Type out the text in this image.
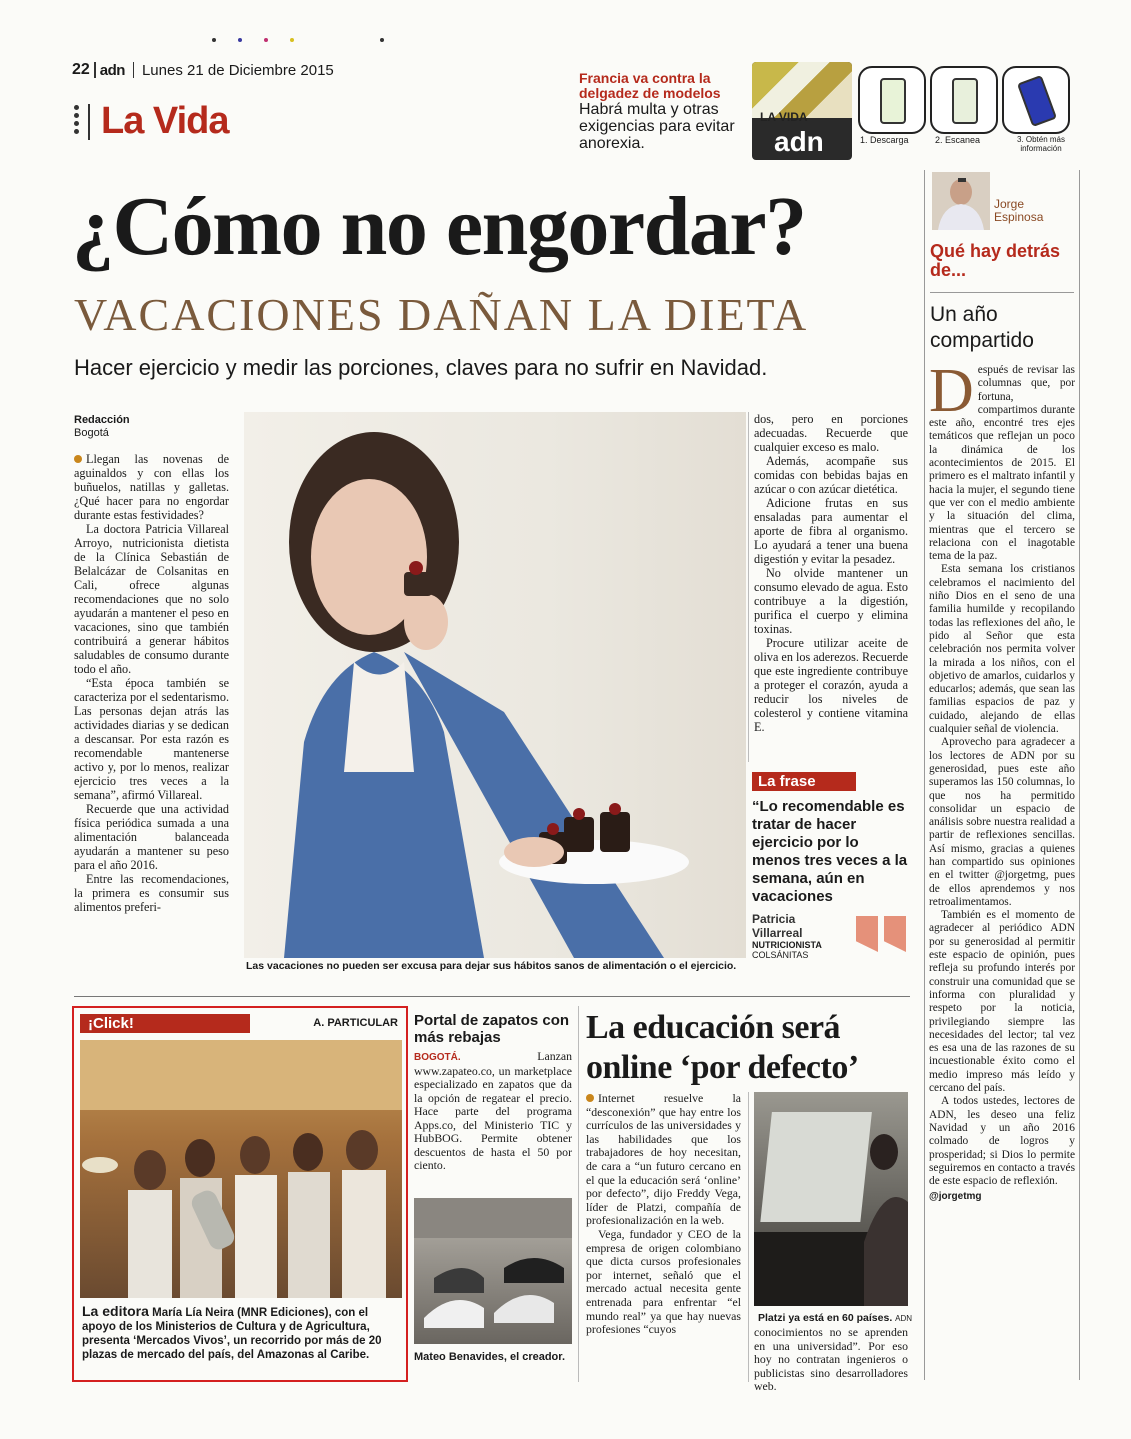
22 adn Lunes 21 de Diciembre 2015
La Vida
Francia va contra la delgadez de modelos
Habrá multa y otras exigencias para evitar anorexia.
LA VIDA
adn	1. Descarga	2. Escanea	3. Obtén más información
¿Cómo no engordar?
VACACIONES DAÑAN LA DIETA
Hacer ejercicio y medir las porciones, claves para no sufrir en Navidad.
Redacción
Bogotá

Llegan las novenas de aguinaldos y con ellas los buñuelos, natillas y galletas. ¿Qué hacer para no engordar durante estas festividades?

La doctora Patricia Villareal Arroyo, nutricionista dietista de la Clínica Sebastián de Belalcázar de Colsanitas en Cali, ofrece algunas recomendaciones que no solo ayudarán a mantener el peso en vacaciones, sino que también contribuirá a generar hábitos saludables de consumo durante todo el año.

“Esta época también se caracteriza por el sedentarismo. Las personas dejan atrás las actividades diarias y se dedican a descansar. Por esta razón es recomendable mantenerse activo y, por lo menos, realizar ejercicio tres veces a la semana”, afirmó Villareal.

Recuerde que una actividad física periódica sumada a una alimentación balanceada ayudarán a mantener su peso para el año 2016.

Entre las recomendaciones, la primera es consumir sus alimentos preferi-

Las vacaciones no pueden ser excusa para dejar sus hábitos sanos de alimentación o el ejercicio.

dos, pero en porciones adecuadas. Recuerde que cualquier exceso es malo.

Además, acompañe sus comidas con bebidas bajas en azúcar o con azúcar dietética.

Adicione frutas en sus ensaladas para aumentar el aporte de fibra al organismo. Lo ayudará a tener una buena digestión y evitar la pesadez.

No olvide mantener un consumo elevado de agua. Esto contribuye a la digestión, purifica el cuerpo y elimina toxinas.

Procure utilizar aceite de oliva en los aderezos. Recuerde que este ingrediente contribuye a proteger el corazón, ayuda a reducir los niveles de colesterol y contiene vitamina E.

La frase
“Lo recomendable es tratar de hacer ejercicio por lo menos tres veces a la semana, aún en vacaciones
Patricia Villarreal
NUTRICIONISTA
COLSÁNITAS
Jorge Espinosa
Qué hay detrás de...
Un año compartido

Después de revisar las columnas que, por fortuna, compartimos durante este año, encontré tres ejes temáticos que reflejan un poco la dinámica de los acontecimientos de 2015. El primero es el maltrato infantil y hacia la mujer, el segundo tiene que ver con el medio ambiente y la situación del clima, mientras que el tercero se relaciona con el inagotable tema de la paz.

Esta semana los cristianos celebramos el nacimiento del niño Dios en el seno de una familia humilde y recopilando todas las reflexiones del año, le pido al Señor que esta celebración nos permita volver la mirada a los niños, con el objetivo de amarlos, cuidarlos y educarlos; además, que sean las familias espacios de paz y cuidado, alejando de ellas cualquier señal de violencia.

Aprovecho para agradecer a los lectores de ADN por su generosidad, pues este año superamos las 150 columnas, lo que nos ha permitido consolidar un espacio de análisis sobre nuestra realidad a partir de reflexiones sencillas. Así mismo, gracias a quienes han compartido sus opiniones en el twitter @jorgetmg, pues de ellos aprendemos y nos retroalimentamos.

También es el momento de agradecer al periódico ADN por su generosidad al permitir este espacio de opinión, pues refleja su profundo interés por construir una comunidad que se informa con pluralidad y respeto por la noticia, privilegiando siempre las necesidades del lector; tal vez es esa una de las razones de su incuestionable éxito como el medio impreso más leído y cercano del país.

A todos ustedes, lectores de ADN, les deseo una feliz Navidad y un año 2016 colmado de logros y prosperidad; si Dios lo permite seguiremos en contacto a través de este espacio de reflexión.

@jorgetmg

¡Click!	A. PARTICULAR
La editora María Lía Neira (MNR Ediciones), con el apoyo de los Ministerios de Cultura y de Agricultura, presenta ‘Mercados Vivos’, un recorrido por más de 20 plazas de mercado del país, del Amazonas al Caribe.
Portal de zapatos con más rebajas

BOGOTÁ.	Lanzan www.zapateo.co, un marketplace especializado en zapatos que da la opción de regatear el precio. Hace parte del programa Apps.co, del Ministerio TIC y HubBOG. Permite obtener descuentos de hasta el 50 por ciento.

Mateo Benavides, el creador.
La educación será online ‘por defecto’

Internet resuelve la “desconexión” que hay entre los currículos de las universidades y las habilidades que los trabajadores de hoy necesitan, de cara a “un futuro cercano en el que la educación será ‘online’ por defecto”, dijo Freddy Vega, líder de Platzi, compañía de profesionalización en la web.

Vega, fundador y CEO de la empresa de origen colombiano que dicta cursos profesionales por internet, señaló que el mercado actual necesita gente entrenada para enfrentar “el mundo real” ya que hay nuevas profesiones “cuyos

Platzi ya está en 60 países. ADN

conocimientos no se aprenden en una universidad”. Por eso hoy no contratan ingenieros o publicistas sino desarrolladores web.
